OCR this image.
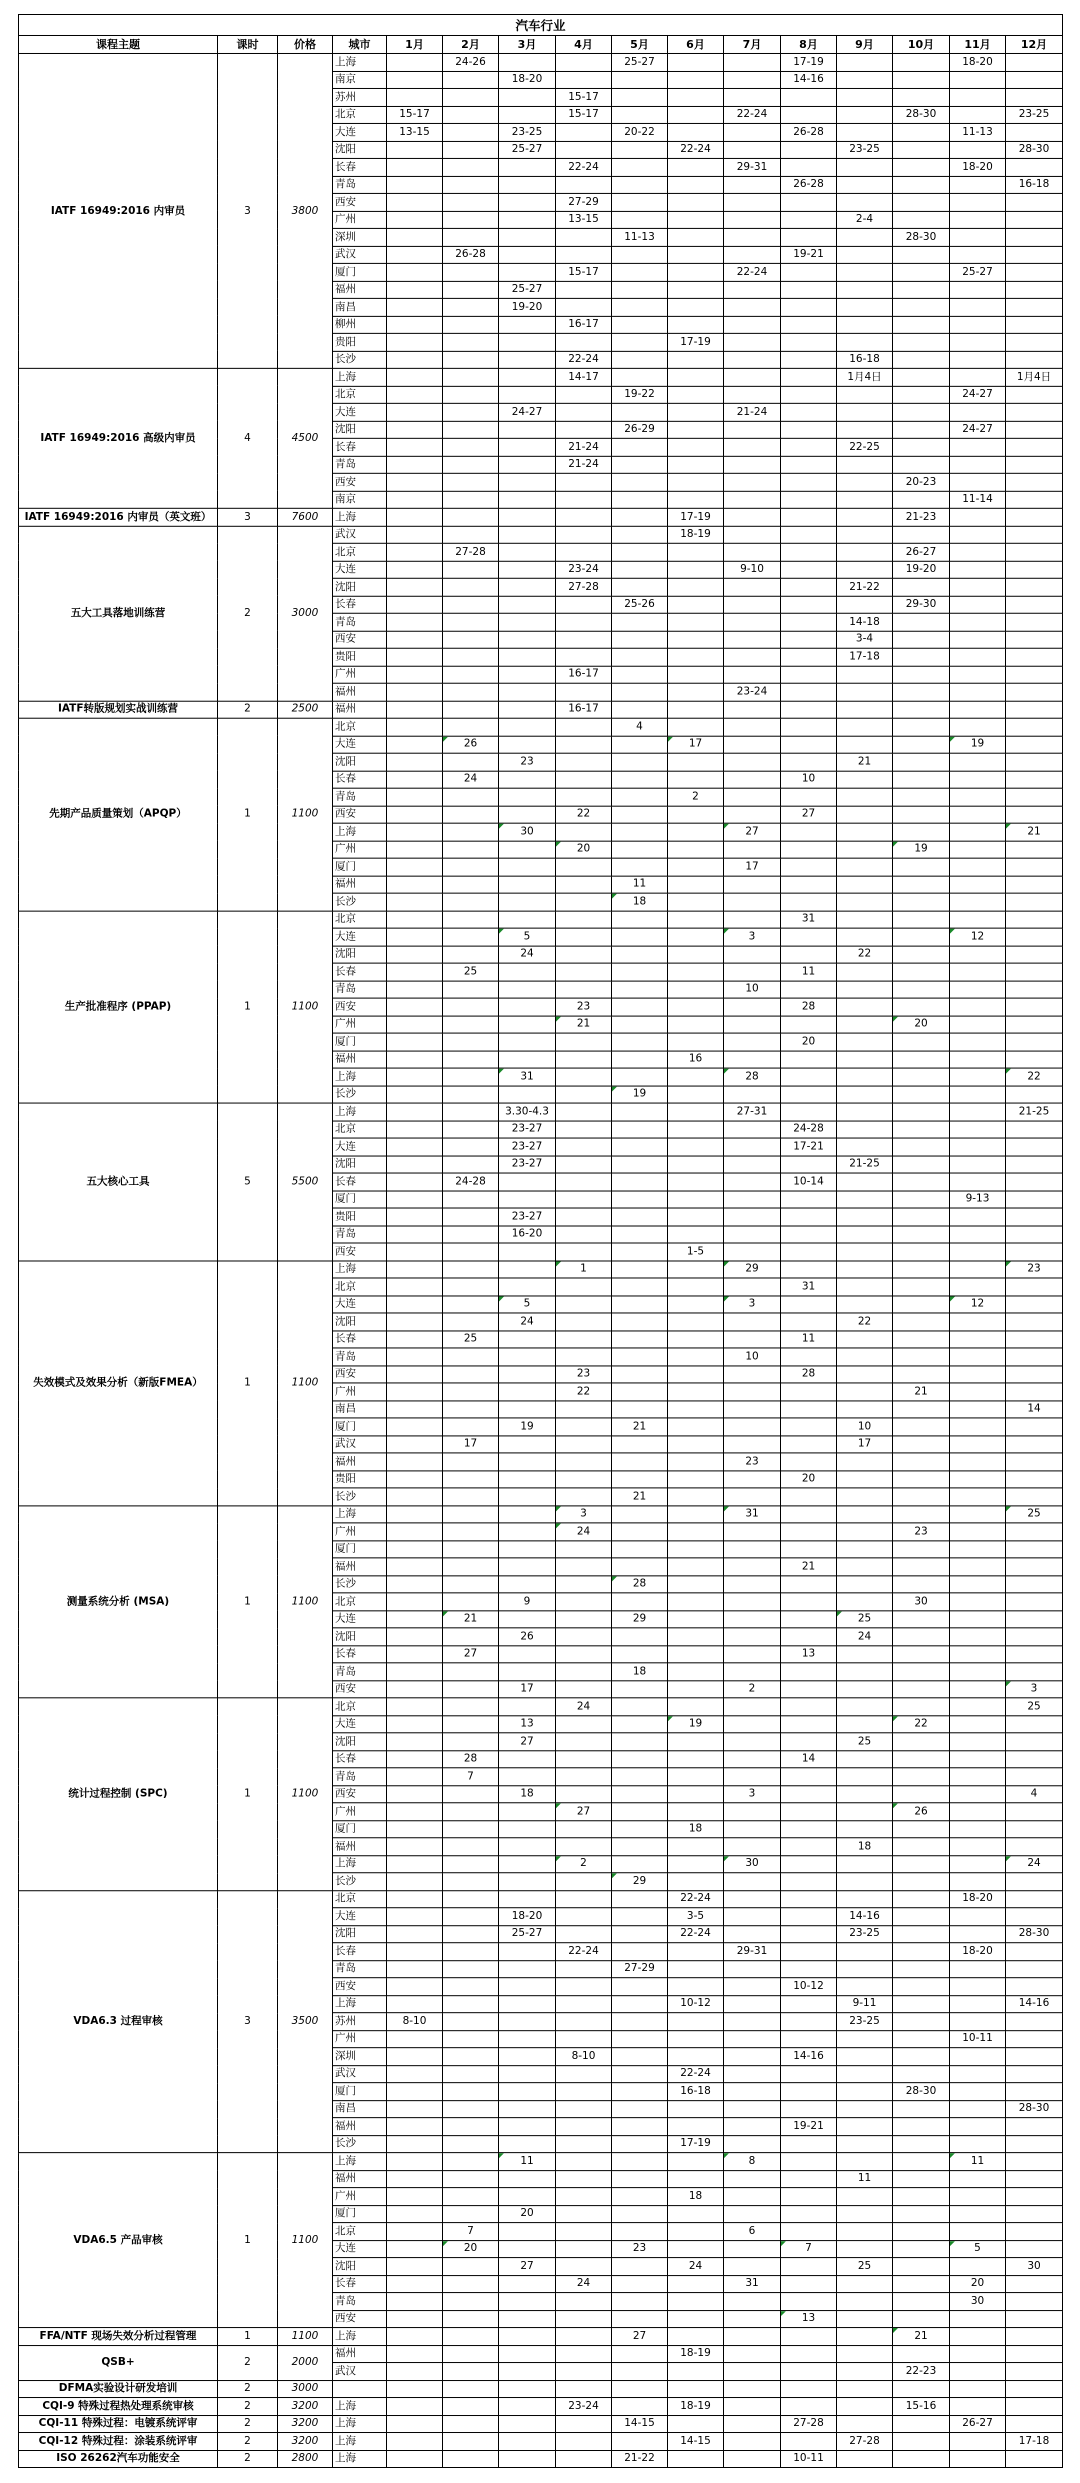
汽车行业															
课程主题	课时	价格	城市	1月	2月	3月	4月	5月	6月	7月	8月	9月	10月	11月	12月
IATF 16949:2016 内审员	3	3800	上海		24-26			25-27			17-19			18-20	
			南京			18-20					14-16				
			苏州				15-17								
			北京	15-17			15-17			22-24			28-30		23-25
			大连	13-15		23-25		20-22			26-28			11-13	
			沈阳			25-27			22-24			23-25			28-30
			长春				22-24			29-31				18-20	
			青岛								26-28				16-18
			西安				27-29								
			广州				13-15					2-4			
			深圳					11-13					28-30		
			武汉		26-28						19-21				
			厦门				15-17			22-24				25-27	
			福州			25-27									
			南昌			19-20									
			柳州				16-17								
			贵阳						17-19						
			长沙				22-24					16-18			
IATF 16949:2016 高级内审员	4	4500	上海				14-17					1月4日			1月4日
			北京					19-22						24-27	
			大连			24-27				21-24					
			沈阳					26-29						24-27	
			长春				21-24					22-25			
			青岛				21-24								
			西安										20-23		
			南京											11-14	
IATF 16949:2016 内审员（英文班）	3	7600	上海						17-19				21-23		
五大工具落地训练营	2	3000	武汉						18-19						
			北京		27-28								26-27		
			大连				23-24			9-10			19-20		
			沈阳				27-28					21-22			
			长春					25-26					29-30		
			青岛									14-18			
			西安									3-4			
			贵阳									17-18			
			广州				16-17								
			福州							23-24					
IATF转版规划实战训练营	2	2500	福州				16-17								
先期产品质量策划（APQP）	1	1100	北京					4							
			大连		26				17					19	
			沈阳			23						21			
			长春		24						10				
			青岛						2						
			西安				22				27				
			上海			30				27					21
			广州				20						19		
			厦门							17					
			福州					11							
			长沙					18							
生产批准程序 (PPAP)	1	1100	北京								31				
			大连			5				3				12	
			沈阳			24						22			
			长春		25						11				
			青岛							10					
			西安				23				28				
			广州				21						20		
			厦门								20				
			福州						16						
			上海			31				28					22
			长沙					19							
五大核心工具	5	5500	上海			3.30-4.3				27-31					21-25
			北京			23-27					24-28				
			大连			23-27					17-21				
			沈阳			23-27						21-25			
			长春		24-28						10-14				
			厦门											9-13	
			贵阳			23-27									
			青岛			16-20									
			西安						1-5						
失效模式及效果分析（新版FMEA）	1	1100	上海				1			29					23
			北京								31				
			大连			5				3				12	
			沈阳			24						22			
			长春		25						11				
			青岛							10					
			西安				23				28				
			广州				22						21		
			南昌												14
			厦门			19		21				10			
			武汉		17							17			
			福州							23					
			贵阳								20				
			长沙					21							
测量系统分析 (MSA)	1	1100	上海				3			31					25
			广州				24						23		
			厦门												
			福州								21				
			长沙					28							
			北京			9							30		
			大连		21			29				25			
			沈阳			26						24			
			长春		27						13				
			青岛					18							
			西安			17				2					3
统计过程控制 (SPC)	1	1100	北京				24								25
			大连			13			19				22		
			沈阳			27						25			
			长春		28						14				
			青岛		7										
			西安			18				3					4
			广州				27						26		
			厦门						18						
			福州									18			
			上海				2			30					24
			长沙					29							
VDA6.3 过程审核	3	3500	北京						22-24					18-20	
			大连			18-20			3-5			14-16			
			沈阳			25-27			22-24			23-25			28-30
			长春				22-24			29-31				18-20	
			青岛					27-29							
			西安								10-12				
			上海						10-12			9-11			14-16
			苏州	8-10								23-25			
			广州											10-11	
			深圳				8-10				14-16				
			武汉						22-24						
			厦门						16-18				28-30		
			南昌												28-30
			福州								19-21				
			长沙						17-19						
VDA6.5 产品审核	1	1100	上海			11				8				11	
			福州									11			
			广州						18						
			厦门			20									
			北京		7					6					
			大连		20			23			7			5	
			沈阳			27			24			25			30
			长春				24			31				20	
			青岛											30	
			西安								13				
FFA/NTF 现场失效分析过程管理	1	1100	上海					27					21		
QSB+	2	2000	福州						18-19						
			武汉										22-23		
DFMA实验设计研发培训	2	3000													
CQI-9 特殊过程热处理系统审核	2	3200	上海				23-24		18-19				15-16		
CQI-11 特殊过程：电镀系统评审	2	3200	上海					14-15			27-28			26-27	
CQI-12 特殊过程：涂装系统评审	2	3200	上海						14-15			27-28			17-18
ISO 26262汽车功能安全	2	2800	上海					21-22			10-11				
